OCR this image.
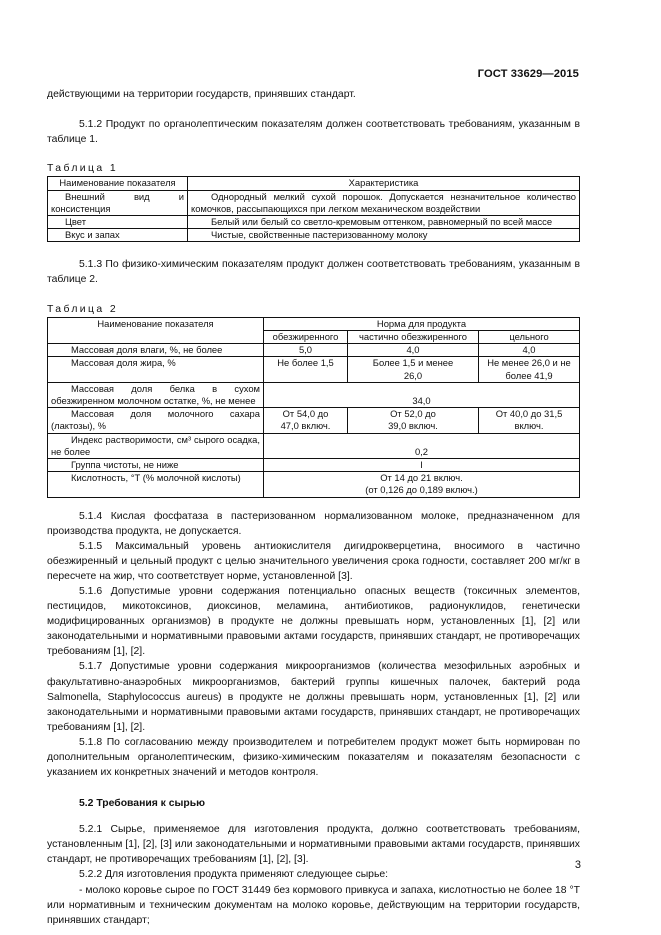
ГОСТ 33629—2015

действующими на территории государств, принявших стандарт.

5.1.2 Продукт по органолептическим показателям должен соответствовать требованиям, указанным в таблице 1.

Таблица 1
Наименование показателя	Характеристика
Внешний вид и консистенция	Однородный мелкий сухой порошок. Допускается незначительное количество комочков, рассыпающихся при легком механическом воздействии
Цвет	Белый или белый со светло-кремовым оттенком, равномерный по всей массе
Вкус и запах	Чистые, свойственные пастеризованному молоку

5.1.3 По физико-химическим показателям продукт должен соответствовать требованиям, указанным в таблице 2.

Таблица 2
Наименование показателя	Норма для продукта		
	обезжиренного	частично обезжиренного	цельного
Массовая доля влаги, %, не более	5,0	4,0	4,0
Массовая доля жира, %	Не более 1,5	Более 1,5 и менее 26,0	Не менее 26,0 и не более 41,9
Массовая доля белка в сухом обезжиренном молочном остатке, %, не менее	34,0		
Массовая доля молочного сахара (лактозы), %	От 54,0 до 47,0 включ.	От 52,0 до 39,0 включ.	От 40,0 до 31,5 включ.
Индекс растворимости, см³ сырого осадка, не более	0,2		
Группа чистоты, не ниже	I		
Кислотность, °Т (% молочной кислоты)	От 14 до 21 включ.
(от 0,126 до 0,189 включ.)		

5.1.4 Кислая фосфатаза в пастеризованном нормализованном молоке, предназначенном для производства продукта, не допускается.

5.1.5 Максимальный уровень антиокислителя дигидрокверцетина, вносимого в частично обезжиренный и цельный продукт с целью значительного увеличения срока годности, составляет 200 мг/кг в пересчете на жир, что соответствует норме, установленной [3].

5.1.6 Допустимые уровни содержания потенциально опасных веществ (токсичных элементов, пестицидов, микотоксинов, диоксинов, меламина, антибиотиков, радионуклидов, генетически модифицированных организмов) в продукте не должны превышать норм, установленных [1], [2] или законодательными и нормативными правовыми актами государств, принявших стандарт, не противоречащих требованиям [1], [2].

5.1.7 Допустимые уровни содержания микроорганизмов (количества мезофильных аэробных и факультативно-анаэробных микроорганизмов, бактерий группы кишечных палочек, бактерий рода Salmonella, Staphylococcus aureus) в продукте не должны превышать норм, установленных [1], [2] или законодательными и нормативными правовыми актами государств, принявших стандарт, не противоречащих требованиям [1], [2].

5.1.8 По согласованию между производителем и потребителем продукт может быть нормирован по дополнительным органолептическим, физико-химическим показателям и показателям безопасности с указанием их конкретных значений и методов контроля.

5.2 Требования к сырью

5.2.1 Сырье, применяемое для изготовления продукта, должно соответствовать требованиям, установленным [1], [2], [3] или законодательными и нормативными правовыми актами государств, принявших стандарт, не противоречащих требованиям [1], [2], [3].

5.2.2 Для изготовления продукта применяют следующее сырье:

- молоко коровье сырое по ГОСТ 31449 без кормового привкуса и запаха, кислотностью не более 18 °Т или нормативным и техническим документам на молоко коровье, действующим на территории государств, принявших стандарт;

3
